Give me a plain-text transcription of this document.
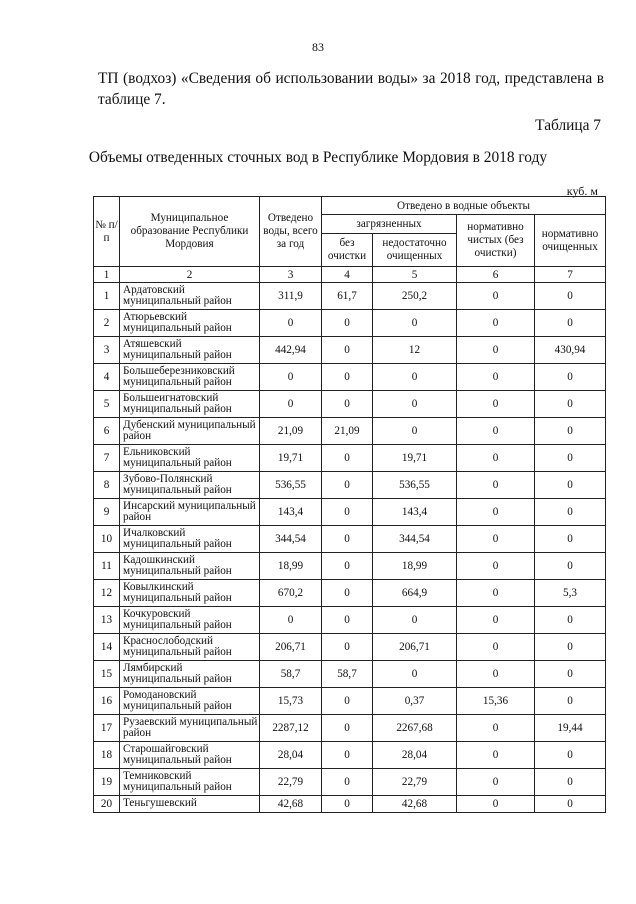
83
ТП (водхоз) «Сведения об использовании воды» за 2018 год, представлена в таблице 7.
Таблица 7
Объемы отведенных сточных вод в Республике Мордовия в 2018 году
куб. м
№ п/п	Муниципальное образование Республики Мордовия	Отведено воды, всего за год	Отведено в водные объекты			
			загрязненных		нормативно чистых (без очистки)	нормативно очищенных
			без очистки	недостаточно очищенных		
1	2	3	4	5	6	7
1	Ардатовский муниципальный район	311,9	61,7	250,2	0	0
2	Атюрьевский муниципальный район	0	0	0	0	0
3	Атяшевский муниципальный район	442,94	0	12	0	430,94
4	Большеберезниковский муниципальный район	0	0	0	0	0
5	Большеигнатовский муниципальный район	0	0	0	0	0
6	Дубенский муниципальный район	21,09	21,09	0	0	0
7	Ельниковский муниципальный район	19,71	0	19,71	0	0
8	Зубово-Полянский муниципальный район	536,55	0	536,55	0	0
9	Инсарский муниципальный район	143,4	0	143,4	0	0
10	Ичалковский муниципальный район	344,54	0	344,54	0	0
11	Кадошкинский муниципальный район	18,99	0	18,99	0	0
12	Ковылкинский муниципальный район	670,2	0	664,9	0	5,3
13	Кочкуровский муниципальный район	0	0	0	0	0
14	Краснослободский муниципальный район	206,71	0	206,71	0	0
15	Лямбирский муниципальный район	58,7	58,7	0	0	0
16	Ромодановский муниципальный район	15,73	0	0,37	15,36	0
17	Рузаевский муниципальный район	2287,12	0	2267,68	0	19,44
18	Старошайговский муниципальный район	28,04	0	28,04	0	0
19	Темниковский муниципальный район	22,79	0	22,79	0	0
20	Теньгушевский	42,68	0	42,68	0	0
